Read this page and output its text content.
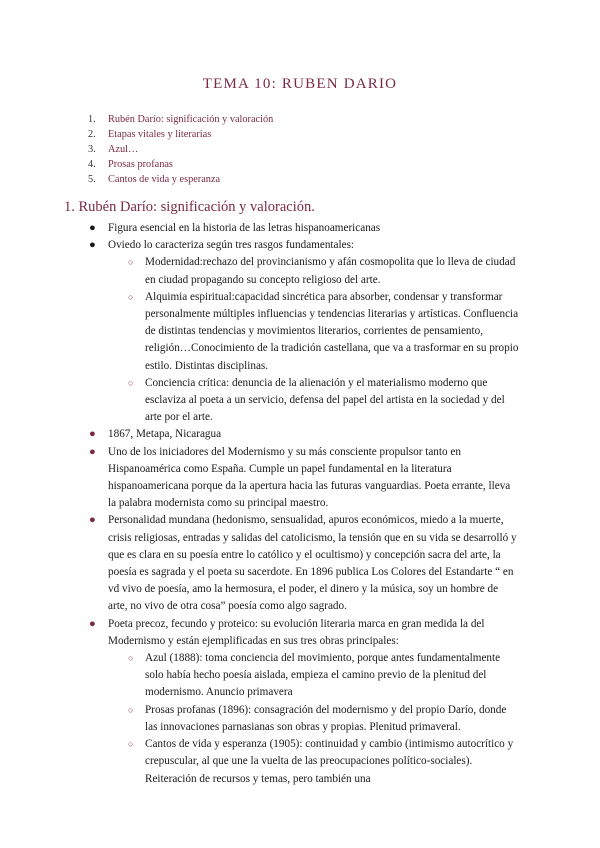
TEMA 10: RUBEN DARIO
1. Rubén Darío: significación y valoración
2. Etapas vitales y literarias
3. Azul…
4. Prosas profanas
5. Cantos de vida y esperanza
1. Rubén Darío: significación y valoración.
● Figura esencial en la historia de las letras hispanoamericanas
● Oviedo lo caracteriza según tres rasgos fundamentales:
○ Modernidad:rechazo del provincianismo y afán cosmopolita que lo lleva de ciudad en ciudad propagando su concepto religioso del arte.
○ Alquimia espiritual:capacidad sincrética para absorber, condensar y transformar personalmente múltiples influencias y tendencias literarias y artísticas. Confluencia de distintas tendencias y movimientos literarios, corrientes de pensamiento, religión…Conocimiento de la tradición castellana, que va a trasformar en su propio estilo. Distintas disciplinas.
○ Conciencia crítica: denuncia de la alienación y el materialismo moderno que esclaviza al poeta a un servicio, defensa del papel del artista en la sociedad y del arte por el arte.
● 1867, Metapa, Nicaragua
● Uno de los iniciadores del Modernismo y su más consciente propulsor tanto en Hispanoamérica como España. Cumple un papel fundamental en la literatura hispanoamericana porque da la apertura hacia las futuras vanguardias. Poeta errante, lleva la palabra modernista como su principal maestro.
● Personalidad mundana (hedonismo, sensualidad, apuros económicos, miedo a la muerte, crisis religiosas, entradas y salidas del catolicismo, la tensión que en su vida se desarrolló y que es clara en su poesía entre lo católico y el ocultismo) y concepción sacra del arte, la poesía es sagrada y el poeta su sacerdote. En 1896 publica Los Colores del Estandarte “ en vd vivo de poesía, amo la hermosura, el poder, el dinero y la música, soy un hombre de arte, no vivo de otra cosa” poesía como algo sagrado.
● Poeta precoz, fecundo y proteico: su evolución literaria marca en gran medida la del Modernismo y están ejemplificadas en sus tres obras principales:
○ Azul (1888): toma conciencia del movimiento, porque antes fundamentalmente solo había hecho poesía aislada, empieza el camino previo de la plenitud del modernismo. Anuncio primavera
○ Prosas profanas (1896): consagración del modernismo y del propio Darío, donde las innovaciones parnasianas son obras y propias. Plenitud primaveral.
○ Cantos de vida y esperanza (1905): continuidad y cambio (intimismo autocrítico y crepuscular, al que une la vuelta de las preocupaciones político-sociales). Reiteración de recursos y temas, pero también una
